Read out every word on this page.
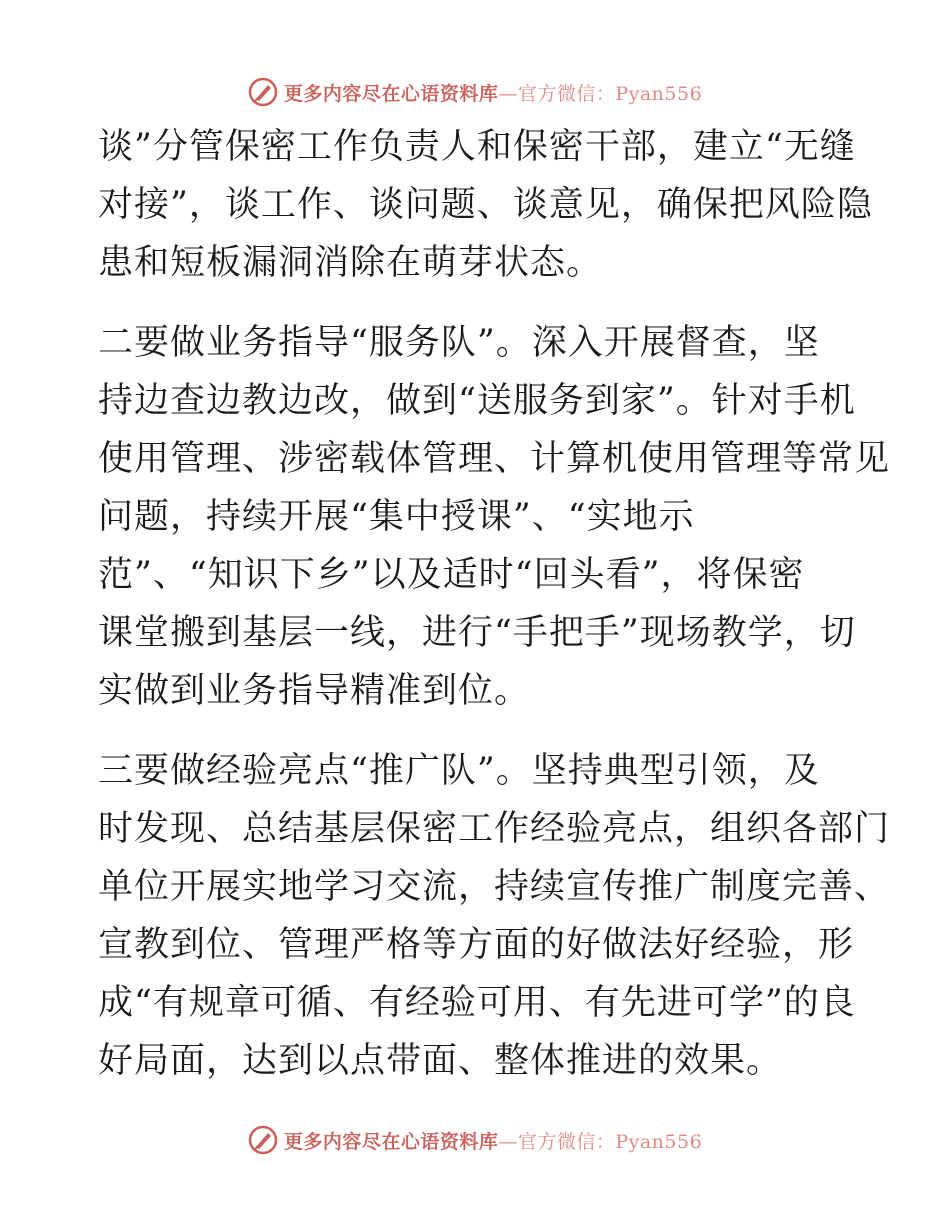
更多内容尽在心语资料库 —官方微信：Pyan556

谈”分管保密工作负责人和保密干部，建立“无缝
对接”，谈工作、谈问题、谈意见，确保把风险隐
患和短板漏洞消除在萌芽状态。

二要做业务指导“服务队”。深入开展督查，坚
持边查边教边改，做到“送服务到家”。针对手机
使用管理、涉密载体管理、计算机使用管理等常见
问题，持续开展“集中授课”、“实地示
范”、“知识下乡”以及适时“回头看”，将保密
课堂搬到基层一线，进行“手把手”现场教学，切
实做到业务指导精准到位。

三要做经验亮点“推广队”。坚持典型引领，及
时发现、总结基层保密工作经验亮点，组织各部门
单位开展实地学习交流，持续宣传推广制度完善、
宣教到位、管理严格等方面的好做法好经验，形
成“有规章可循、有经验可用、有先进可学”的良
好局面，达到以点带面、整体推进的效果。

更多内容尽在心语资料库 —官方微信：Pyan556
